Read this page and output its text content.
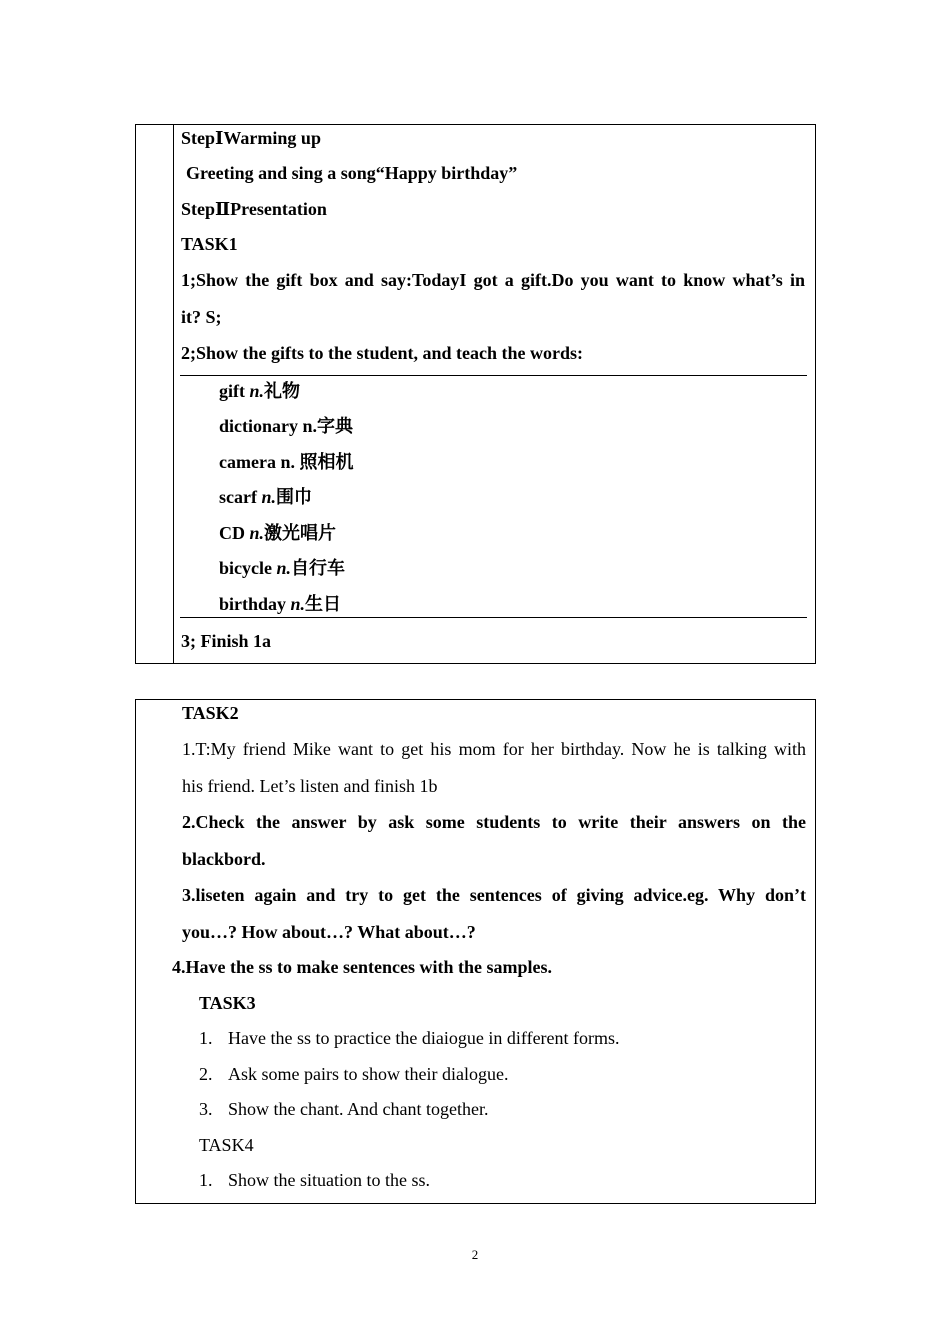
StepⅠWarming up
Greeting and sing a song“Happy birthday”
StepⅡPresentation
TASK1
1;Show the gift box and say:TodayI got a gift.Do you want to know what’s in
it? S;
2;Show the gifts to the student, and teach the words:
gift n.礼物
dictionary n.字典
camera n. 照相机
scarf n.围巾
CD n.激光唱片
bicycle n.自行车
birthday n.生日
3; Finish 1a
TASK2
1.T:My friend Mike want to get his mom for her birthday. Now he is talking with
his friend. Let’s listen and finish 1b
2.Check the answer by ask some students to write their answers on the
blackbord.
3.liseten again and try to get the sentences of giving advice.eg. Why don’t
you…? How about…? What about…?
4.Have the ss to make sentences with the samples.
TASK3
1. Have the ss to practice the diaiogue in different forms.
2. Ask some pairs to show their dialogue.
3. Show the chant. And chant together.
TASK4
1. Show the situation to the ss.
2
